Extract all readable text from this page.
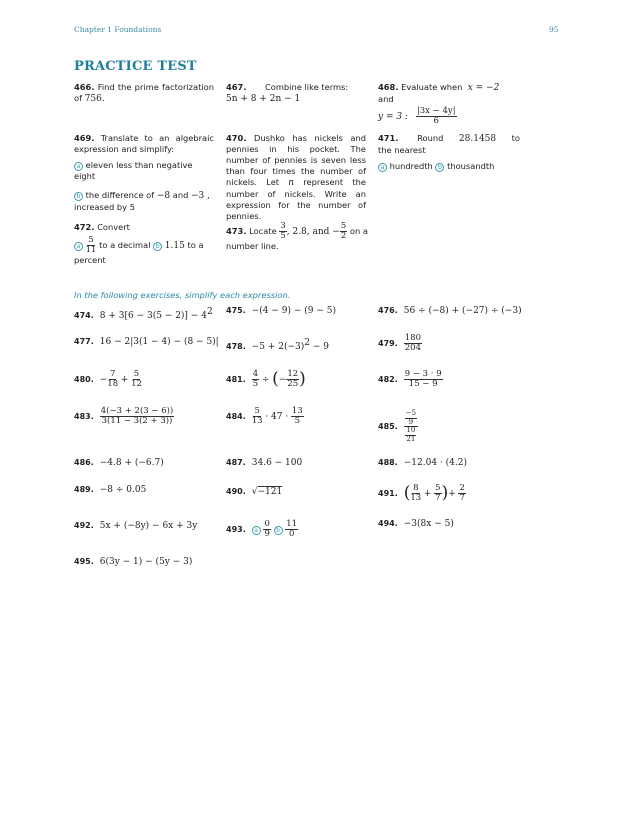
Chapter 1 Foundations	95
PRACTICE TEST
466. Find the prime factorization of 756.
467. Combine like terms:
5n + 8 + 2n − 1
468. Evaluate when x = −2  and
y = 3 : $\frac{|3x - 4y|}{6}$
469. Translate to an algebraic expression and simplify:
a eleven less than negative eight
b the difference of −8 and −3 ,
increased by 5
470. Dushko has nickels and pennies in his pocket. The number of pennies is seven less than four times the number of nickels. Let n represent the number of nickels. Write an expression for the number of pennies.
471. Round 28.1458 to the nearest
a hundredth b thousandth
472. Convert
a $\frac{5}{11}$ to a decimal b 1.15 to a percent
473. Locate $\frac{3}{5}$ , 2.8, and − $\frac{5}{2}$ on a number line.
In the following exercises, simplify each expression.
474. $8 + 3[6 - 3(5 - 2)] - 4^2$ 475. −(4 − 9) − (9 − 5)	476. 56 ÷ (−8) + (−27) ÷ (−3)
477. 16 − 2|3(1 − 4) − (8 − 5)| 478. $-5 + 2(-3)^2 - 9$	479. $\frac{180}{204}$
480. − $\frac{7}{18} + \frac{5}{12}$	481. $\frac{4}{5}$ ÷ (− $\frac{12}{25}$ )	482. $\frac{9 - 3 \cdot 9}{15 - 9}$
483. $\frac{4(-3 + 2(3 - 6))}{3(11 - 3(2 + 3))}$	484. $\frac{5}{13} \cdot 47 \cdot \frac{13}{5}$
485. $\frac{\frac{-5}{9}}{\frac{10}{21}}$
486. −4.8 + (−6.7)	487. 34.6 − 100	488. −12.04 · (4.2)
489. −8 ÷ 0.05	490. √−121	491. ( $\frac{8}{13} + \frac{5}{7}$ )+ $\frac{2}{7}$
492. 5x + (−8y) − 6x + 3y	493. a $\frac{0}{9}$ b $\frac{11}{0}$	494. −3(8x − 5)
495. 6(3y − 1) − (5y − 3)
